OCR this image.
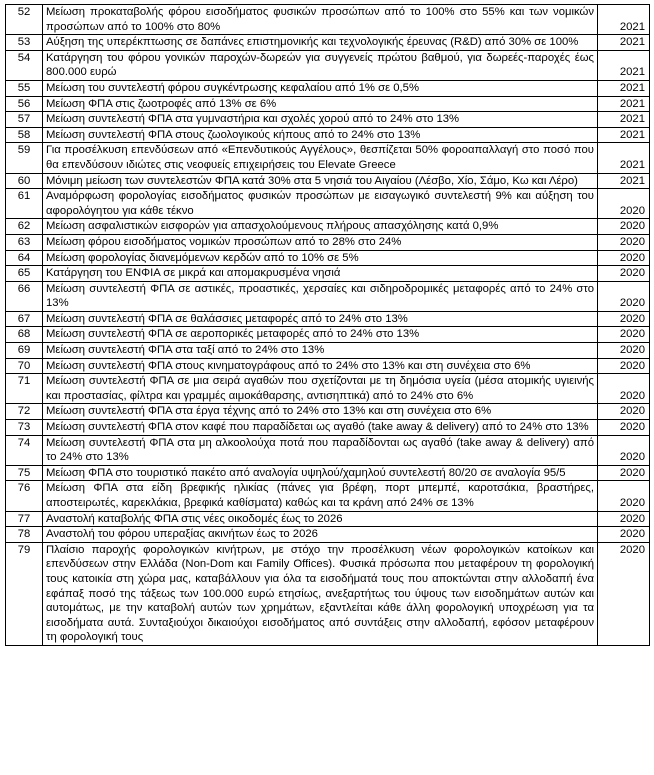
52	Μείωση προκαταβολής φόρου εισοδήματος φυσικών προσώπων από το 100% στο 55% και των νομικών προσώπων από το 100% στο 80%	2021
53	Αύξηση της υπερέκπτωσης σε δαπάνες επιστημονικής και τεχνολογικής έρευνας (R&D) από 30% σε 100%	2021
54	Κατάργηση του φόρου γονικών παροχών-δωρεών για συγγενείς πρώτου βαθμού, για δωρεές-παροχές έως 800.000 ευρώ	2021
55	Μείωση του συντελεστή φόρου συγκέντρωσης κεφαλαίου από 1% σε 0,5%	2021
56	Μείωση ΦΠΑ στις ζωοτροφές από 13% σε 6%	2021
57	Μείωση συντελεστή ΦΠΑ στα γυμναστήρια και σχολές χορού από το 24% στο 13%	2021
58	Μείωση συντελεστή ΦΠΑ στους ζωολογικούς κήπους από το 24% στο 13%	2021
59	Για προσέλκυση επενδύσεων από «Επενδυτικούς Αγγέλους», θεσπίζεται 50% φοροαπαλλαγή στο ποσό που θα επενδύσουν ιδιώτες στις νεοφυείς επιχειρήσεις του Elevate Greece	2021
60	Μόνιμη μείωση των συντελεστών ΦΠΑ κατά 30% στα 5 νησιά του Αιγαίου (Λέσβο, Χίο, Σάμο, Κω και Λέρο)	2021
61	Αναμόρφωση φορολογίας εισοδήματος φυσικών προσώπων με εισαγωγικό συντελεστή 9% και αύξηση του αφορολόγητου για κάθε τέκνο	2020
62	Μείωση ασφαλιστικών εισφορών για απασχολούμενους πλήρους απασχόλησης κατά 0,9%	2020
63	Μείωση φόρου εισοδήματος νομικών προσώπων από το 28% στο 24%	2020
64	Μείωση φορολογίας διανεμόμενων κερδών από το 10% σε 5%	2020
65	Κατάργηση του ΕΝΦΙΑ σε μικρά και απομακρυσμένα νησιά	2020
66	Μείωση συντελεστή ΦΠΑ σε αστικές, προαστικές, χερσαίες και σιδηροδρομικές μεταφορές από το 24% στο 13%	2020
67	Μείωση συντελεστή ΦΠΑ σε θαλάσσιες μεταφορές από το 24% στο 13%	2020
68	Μείωση συντελεστή ΦΠΑ σε αεροπορικές μεταφορές από το 24% στο 13%	2020
69	Μείωση συντελεστή ΦΠΑ στα ταξί από το 24% στο 13%	2020
70	Μείωση συντελεστή ΦΠΑ στους κινηματογράφους από το 24% στο 13% και στη συνέχεια στο 6%	2020
71	Μείωση συντελεστή ΦΠΑ σε μια σειρά αγαθών που σχετίζονται με τη δημόσια υγεία (μέσα ατομικής υγιεινής και προστασίας, φίλτρα και γραμμές αιμοκάθαρσης, αντισηπτικά) από το 24% στο 6%	2020
72	Μείωση συντελεστή ΦΠΑ στα έργα τέχνης από το 24% στο 13% και στη συνέχεια στο 6%	2020
73	Μείωση συντελεστή ΦΠΑ στον καφέ που παραδίδεται ως αγαθό (take away & delivery) από το 24% στο 13%	2020
74	Μείωση συντελεστή ΦΠΑ στα μη αλκοολούχα ποτά που παραδίδονται ως αγαθό (take away & delivery) από το 24% στο 13%	2020
75	Μείωση ΦΠΑ στο τουριστικό πακέτο από αναλογία υψηλού/χαμηλού συντελεστή 80/20 σε αναλογία 95/5	2020
76	Μείωση ΦΠΑ στα είδη βρεφικής ηλικίας (πάνες για βρέφη, πορτ μπεμπέ, καροτσάκια, βραστήρες, αποστειρωτές, καρεκλάκια, βρεφικά καθίσματα) καθώς και τα κράνη από 24% σε 13%	2020
77	Αναστολή καταβολής ΦΠΑ στις νέες οικοδομές έως το 2026	2020
78	Αναστολή του φόρου υπεραξίας ακινήτων έως το 2026	2020
79	Πλαίσιο παροχής φορολογικών κινήτρων, με στόχο την προσέλκυση νέων φορολογικών κατοίκων και επενδύσεων στην Ελλάδα (Non-Dom και Family Offices). Φυσικά πρόσωπα που μεταφέρουν τη φορολογική τους κατοικία στη χώρα μας, καταβάλλουν για όλα τα εισοδήματά τους που αποκτώνται στην αλλοδαπή ένα εφάπαξ ποσό της τάξεως των 100.000 ευρώ ετησίως, ανεξαρτήτως του ύψους των εισοδημάτων αυτών και αυτομάτως, με την καταβολή αυτών των χρημάτων, εξαντλείται κάθε άλλη φορολογική υποχρέωση για τα εισοδήματα αυτά. Συνταξιούχοι δικαιούχοι εισοδήματος από συντάξεις στην αλλοδαπή, εφόσον μεταφέρουν τη φορολογική τους	2020
